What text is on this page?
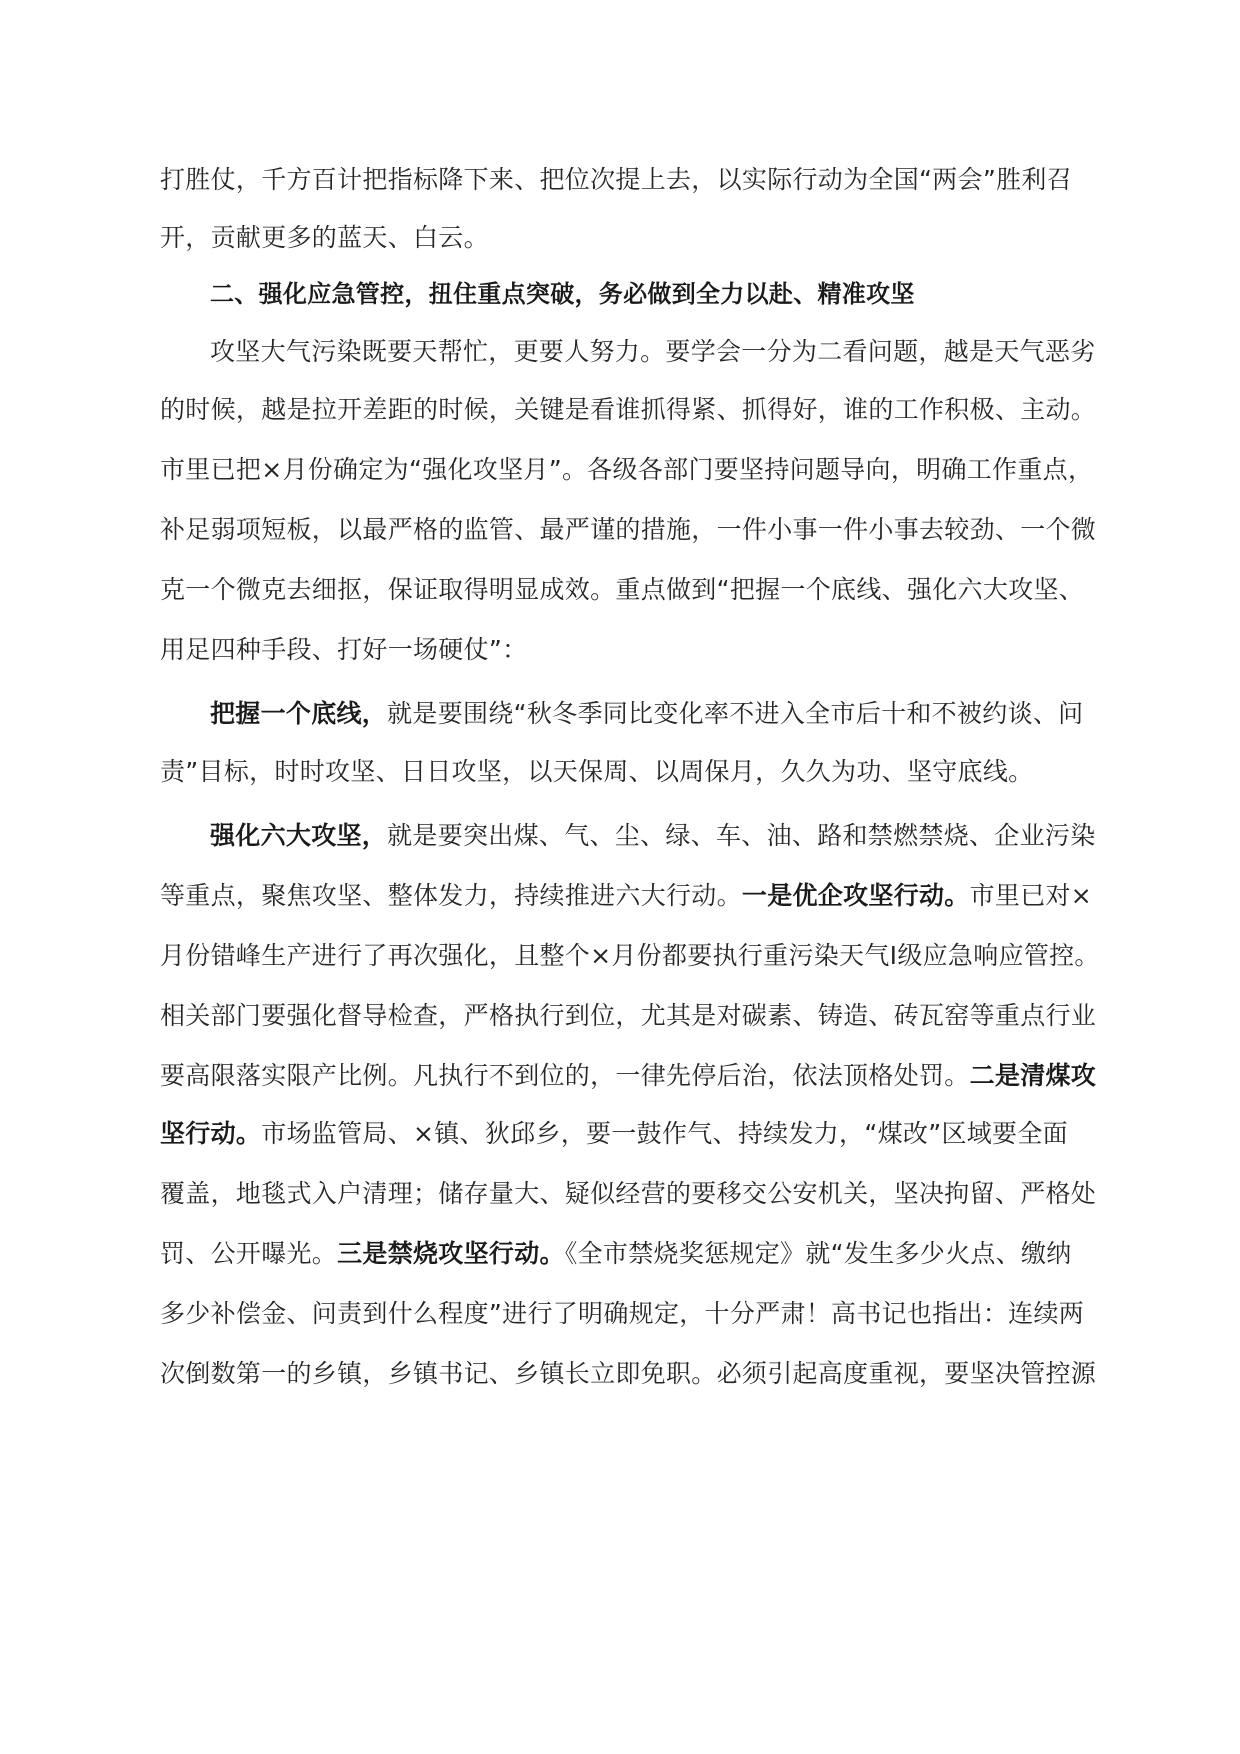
打胜仗，千方百计把指标降下来、把位次提上去，以实际行动为全国“两会”胜利召
开，贡献更多的蓝天、白云。
二、强化应急管控，扭住重点突破，务必做到全力以赴、精准攻坚
攻坚大气污染既要天帮忙，更要人努力。要学会一分为二看问题，越是天气恶劣
的时候，越是拉开差距的时候，关键是看谁抓得紧、抓得好，谁的工作积极、主动。
市里已把×月份确定为“强化攻坚月”。各级各部门要坚持问题导向，明确工作重点，
补足弱项短板，以最严格的监管、最严谨的措施，一件小事一件小事去较劲、一个微
克一个微克去细抠，保证取得明显成效。重点做到“把握一个底线、强化六大攻坚、
用足四种手段、打好一场硬仗”：
把握一个底线，就是要围绕“秋冬季同比变化率不进入全市后十和不被约谈、问
责”目标，时时攻坚、日日攻坚，以天保周、以周保月，久久为功、坚守底线。
强化六大攻坚，就是要突出煤、气、尘、绿、车、油、路和禁燃禁烧、企业污染
等重点，聚焦攻坚、整体发力，持续推进六大行动。一是优企攻坚行动。市里已对×
月份错峰生产进行了再次强化，且整个×月份都要执行重污染天气Ⅰ级应急响应管控。
相关部门要强化督导检查，严格执行到位，尤其是对碳素、铸造、砖瓦窑等重点行业
要高限落实限产比例。凡执行不到位的，一律先停后治，依法顶格处罚。二是清煤攻
坚行动。市场监管局、×镇、狄邱乡，要一鼓作气、持续发力，“煤改”区域要全面
覆盖，地毯式入户清理；储存量大、疑似经营的要移交公安机关，坚决拘留、严格处
罚、公开曝光。三是禁烧攻坚行动。《全市禁烧奖惩规定》就“发生多少火点、缴纳
多少补偿金、问责到什么程度”进行了明确规定，十分严肃！高书记也指出：连续两
次倒数第一的乡镇，乡镇书记、乡镇长立即免职。必须引起高度重视，要坚决管控源
